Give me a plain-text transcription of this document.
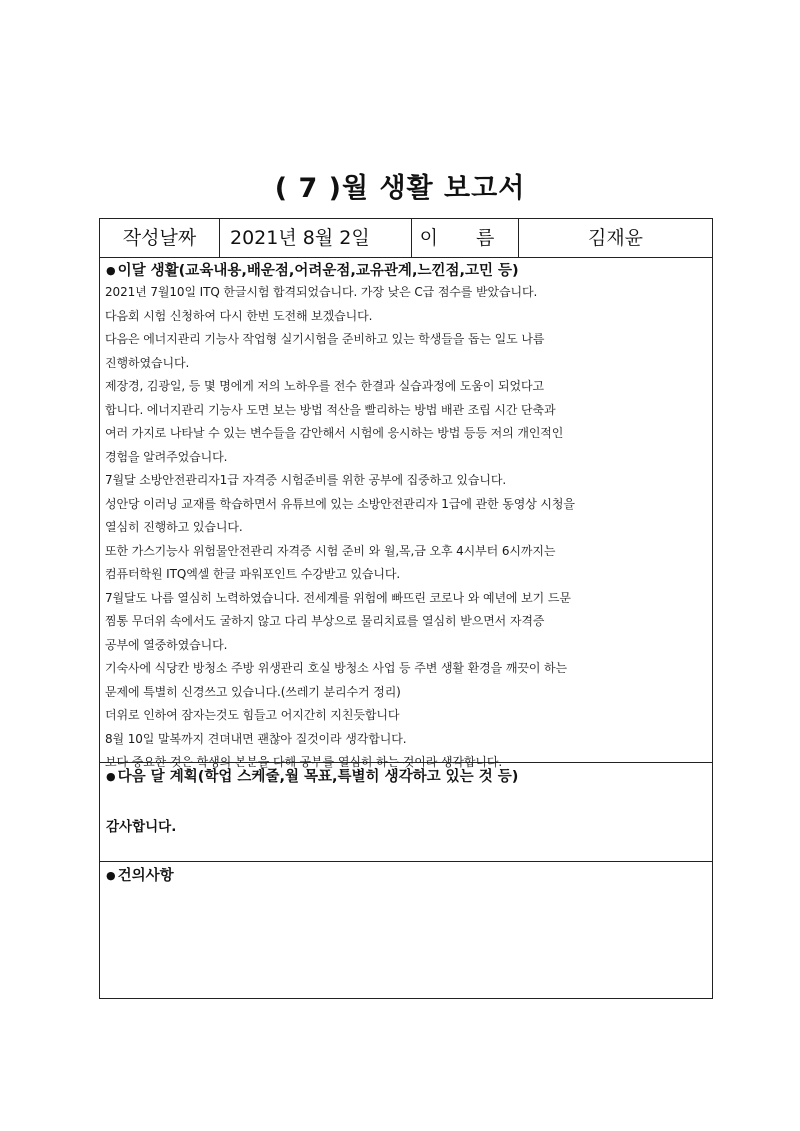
( 7 )월 생활 보고서
작성날짜	2021년 8월 2일	이 름	김재윤
● 이달 생활(교육내용,배운점,어려운점,교유관계,느낀점,고민 등)
2021년 7월10일 ITQ 한글시험 합격되었습니다. 가장 낮은 C급 점수를 받았습니다.
다음회 시험 신청하여 다시 한번 도전해 보겠습니다.
다음은 에너지관리 기능사 작업형 실기시험을 준비하고 있는 학생들을 돕는 일도 나름
진행하였습니다.
제장경, 김광일, 등 몇 명에게 저의 노하우를 전수 한결과 실습과정에 도움이 되었다고
합니다. 에너지관리 기능사 도면 보는 방법 적산을 빨리하는 방법 배관 조립 시간 단축과
여러 가지로 나타날 수 있는 변수들을 감안해서 시험에 응시하는 방법 등등 저의 개인적인
경험을 알려주었습니다.
7월달 소방안전관리자1급 자격증 시험준비를 위한 공부에 집중하고 있습니다.
성안당 이러닝 교재를 학습하면서 유튜브에 있는 소방안전관리자 1급에 관한 동영상 시청을
열심히 진행하고 있습니다.
또한 가스기능사 위험물안전관리 자격증 시험 준비 와 월,목,금 오후 4시부터 6시까지는
컴퓨터학원 ITQ엑셀 한글 파워포인트 수강받고 있습니다.
7월달도 나름 열심히 노력하였습니다. 전세계를 위험에 빠뜨린 코로나 와 예년에 보기 드문
찜통 무더위 속에서도 굴하지 않고 다리 부상으로 물리치료를 열심히 받으면서 자격증
공부에 열중하였습니다.
기숙사에 식당칸 방청소 주방 위생관리 호실 방청소 사업 등 주변 생활 환경을 깨끗이 하는
문제에 특별히 신경쓰고 있습니다.(쓰레기 분리수거 정리)
더위로 인하여 잠자는것도 힘들고 어지간히 지친듯합니다
8월 10일 말복까지 견뎌내면 괜찮아 질것이라 생각합니다.
보다 중요한 것은 학생의 본분을 다해 공부를 열심히 하는 것이라 생각합니다.
● 다음 달 계획(학업 스케줄,월 목표,특별히 생각하고 있는 것 등)
감사합니다.
● 건의사항
